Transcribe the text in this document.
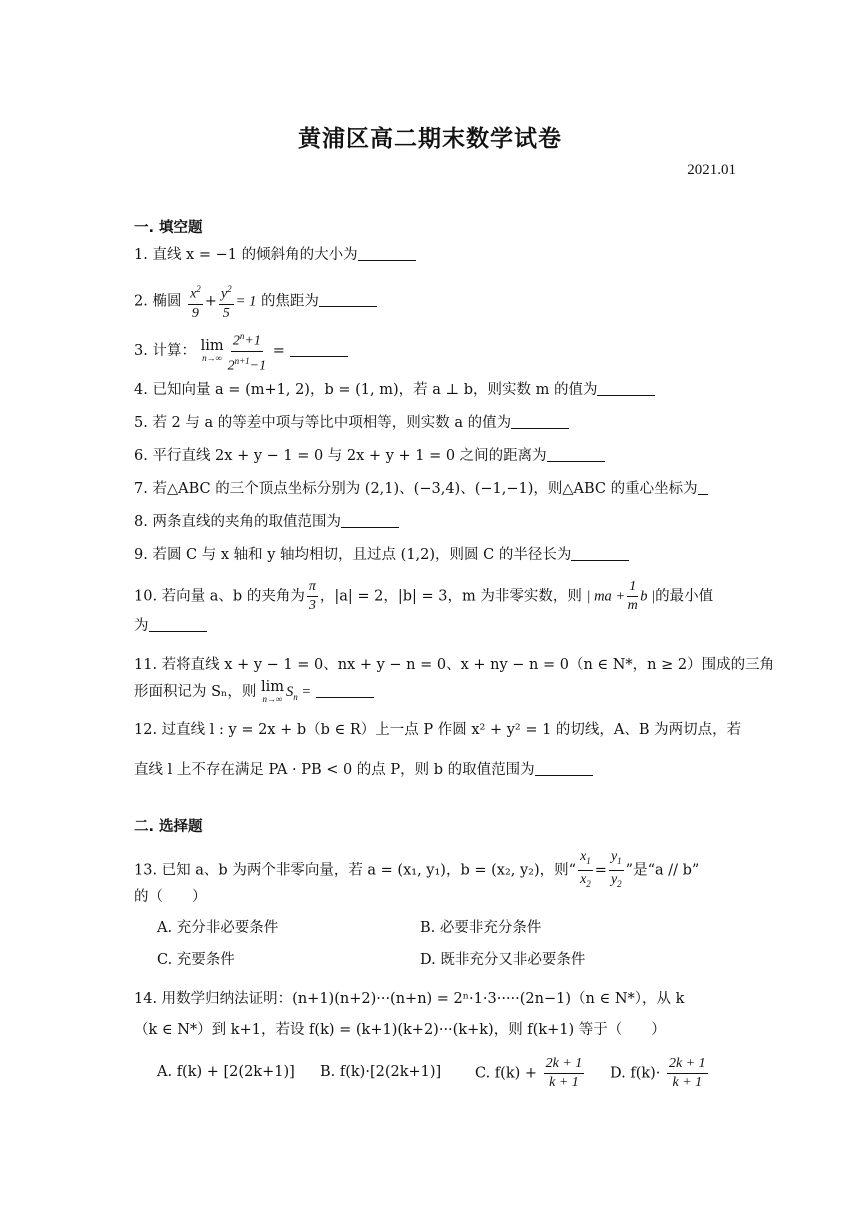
黄浦区高二期末数学试卷
2021.01
一. 填空题
1. 直线 x = −1 的倾斜角的大小为
2. 椭圆 $\frac{x^2}{9} + \frac{y^2}{5} = 1$ 的焦距为
3. 计算： lim
$n\to\infty \frac{2^n+1}{2^{n+1}-1}$ =
4. 已知向量 a = (m+1, 2)，b = (1, m)，若 a ⊥ b，则实数 m 的值为
5. 若 2 与 a 的等差中项与等比中项相等，则实数 a 的值为
6. 平行直线 2x + y − 1 = 0 与 2x + y + 1 = 0 之间的距离为
7. 若△ABC 的三个顶点坐标分别为 (2,1)、(−3,4)、(−1,−1)，则△ABC 的重心坐标为
8. 两条直线的夹角的取值范围为
9. 若圆 C 与 x 轴和 y 轴均相切，且过点 (1,2)，则圆 C 的半径长为
10. 若向量 a、b 的夹角为 $\frac{\pi}{3}$ ，|a| = 2，|b| = 3，m 为非零实数，则 | ma + $\frac{1}{m}$ b |的最小值
为
11. 若将直线 x + y − 1 = 0、nx + y − n = 0、x + ny − n = 0（n ∈ N*，n ≥ 2）围成的三角
形面积记为 Sₙ，则 lim
n→∞ $S_n$ =
12. 过直线 l : y = 2x + b（b ∈ R）上一点 P 作圆 x² + y² = 1 的切线，A、B 为两切点，若
直线 l 上不存在满足 PA · PB < 0 的点 P，则 b 的取值范围为
二. 选择题
13. 已知 a、b 为两个非零向量，若 a = (x₁, y₁)，b = (x₂, y₂)，则“ $\frac{x_1}{x_2} = \frac{y_1}{y_2}$ ”是“a // b”
的（　　）
A. 充分非必要条件	B. 必要非充分条件
C. 充要条件	D. 既非充分又非必要条件
14. 用数学归纳法证明：(n+1)(n+2)···(n+n) = 2ⁿ·1·3·····(2n−1)（n ∈ N*），从 k
（k ∈ N*）到 k+1，若设 f(k) = (k+1)(k+2)···(k+k)，则 f(k+1) 等于（　　）
A. f(k) + [2(2k+1)] B. f(k)·[2(2k+1)] C. $f(k) + \frac{2k + 1}{k + 1} D$. $f(k)\cdot \frac{2k + 1}{k + 1}$
